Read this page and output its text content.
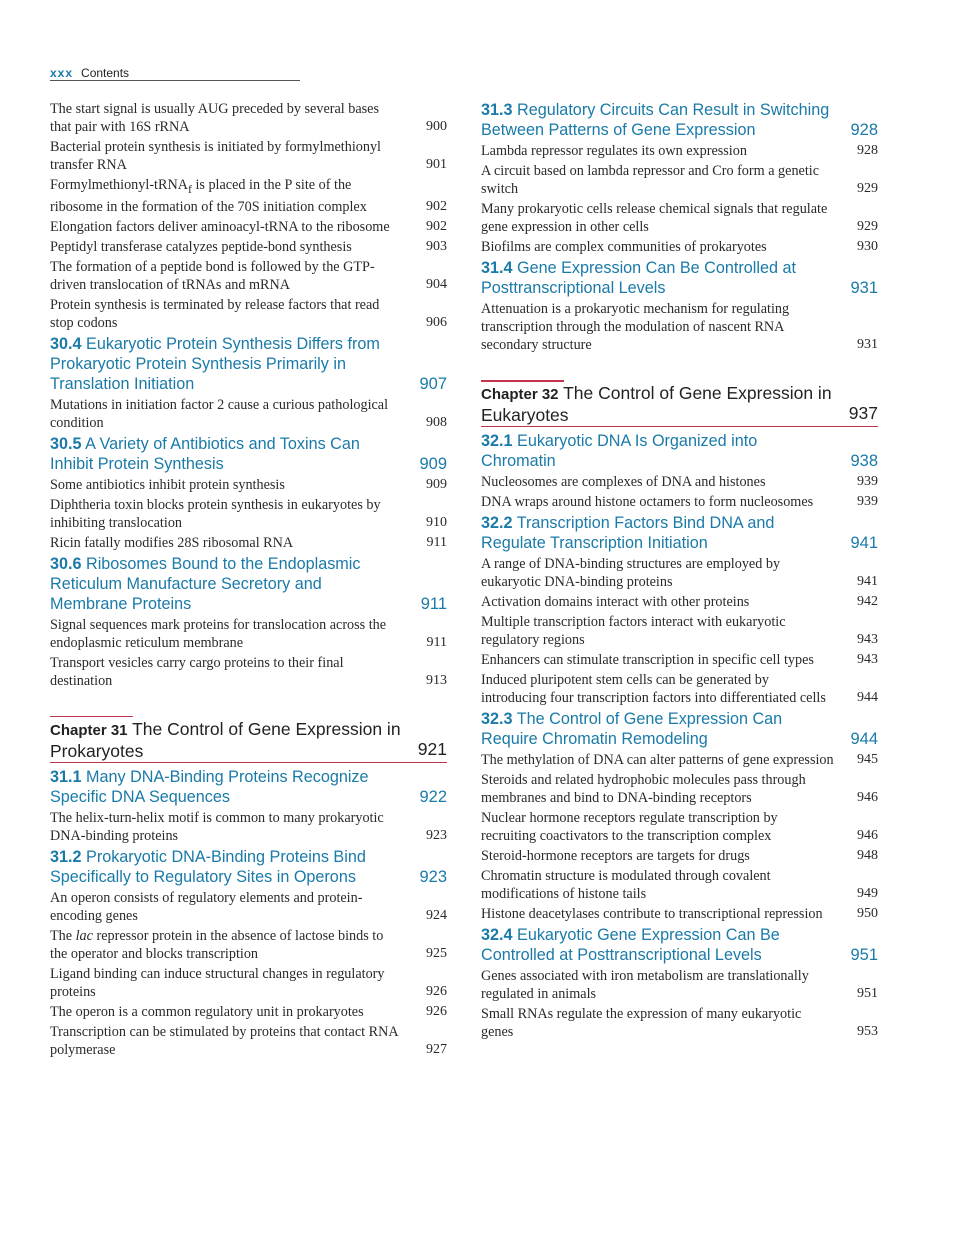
xxx Contents
The start signal is usually AUG preceded by several bases that pair with 16S rRNA	900
Bacterial protein synthesis is initiated by formylmethionyl transfer RNA	901
Formylmethionyl-tRNA$_f$ is placed in the P site of the ribosome in the formation of the 70S initiation complex	902
Elongation factors deliver aminoacyl-tRNA to the ribosome	902
Peptidyl transferase catalyzes peptide-bond synthesis	903
The formation of a peptide bond is followed by the GTP-driven translocation of tRNAs and mRNA	904
Protein synthesis is terminated by release factors that read stop codons	906
30.4 Eukaryotic Protein Synthesis Differs from Prokaryotic Protein Synthesis Primarily in Translation Initiation	907
Mutations in initiation factor 2 cause a curious pathological condition	908
30.5 A Variety of Antibiotics and Toxins Can Inhibit Protein Synthesis	909
Some antibiotics inhibit protein synthesis	909
Diphtheria toxin blocks protein synthesis in eukaryotes by inhibiting translocation	910
Ricin fatally modifies 28S ribosomal RNA	911
30.6 Ribosomes Bound to the Endoplasmic Reticulum Manufacture Secretory and Membrane Proteins	911
Signal sequences mark proteins for translocation across the endoplasmic reticulum membrane	911
Transport vesicles carry cargo proteins to their final destination	913
Chapter 31 The Control of Gene Expression in Prokaryotes	921
31.1 Many DNA-Binding Proteins Recognize Specific DNA Sequences	922
The helix-turn-helix motif is common to many prokaryotic DNA-binding proteins	923
31.2 Prokaryotic DNA-Binding Proteins Bind Specifically to Regulatory Sites in Operons	923
An operon consists of regulatory elements and protein-encoding genes	924
The lac repressor protein in the absence of lactose binds to the operator and blocks transcription	925
Ligand binding can induce structural changes in regulatory proteins	926
The operon is a common regulatory unit in prokaryotes	926
Transcription can be stimulated by proteins that contact RNA polymerase	927
31.3 Regulatory Circuits Can Result in Switching Between Patterns of Gene Expression	928
Lambda repressor regulates its own expression	928
A circuit based on lambda repressor and Cro form a genetic switch	929
Many prokaryotic cells release chemical signals that regulate gene expression in other cells	929
Biofilms are complex communities of prokaryotes	930
31.4 Gene Expression Can Be Controlled at Posttranscriptional Levels	931
Attenuation is a prokaryotic mechanism for regulating transcription through the modulation of nascent RNA secondary structure	931
Chapter 32 The Control of Gene Expression in Eukaryotes	937
32.1 Eukaryotic DNA Is Organized into Chromatin	938
Nucleosomes are complexes of DNA and histones	939
DNA wraps around histone octamers to form nucleosomes	939
32.2 Transcription Factors Bind DNA and Regulate Transcription Initiation	941
A range of DNA-binding structures are employed by eukaryotic DNA-binding proteins	941
Activation domains interact with other proteins	942
Multiple transcription factors interact with eukaryotic regulatory regions	943
Enhancers can stimulate transcription in specific cell types	943
Induced pluripotent stem cells can be generated by introducing four transcription factors into differentiated cells 944
32.3 The Control of Gene Expression Can Require Chromatin Remodeling	944
The methylation of DNA can alter patterns of gene expression 945
Steroids and related hydrophobic molecules pass through membranes and bind to DNA-binding receptors	946
Nuclear hormone receptors regulate transcription by recruiting coactivators to the transcription complex	946
Steroid-hormone receptors are targets for drugs	948
Chromatin structure is modulated through covalent modifications of histone tails	949
Histone deacetylases contribute to transcriptional repression 950
32.4 Eukaryotic Gene Expression Can Be Controlled at Posttranscriptional Levels	951
Genes associated with iron metabolism are translationally regulated in animals	951
Small RNAs regulate the expression of many eukaryotic genes	953
